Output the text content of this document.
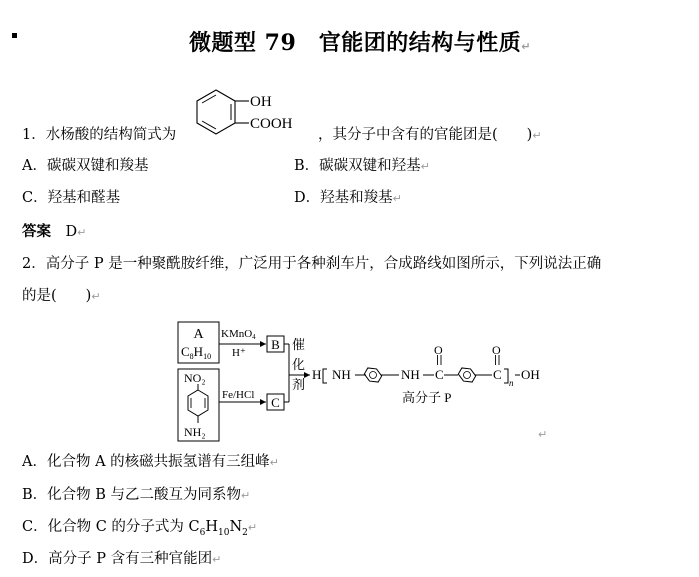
微题型 79　官能团的结构与性质↵
1．水杨酸的结构简式为
OH
COOH
，其分子中含有的官能团是(　　)↵
A．碳碳双键和羧基	B．碳碳双键和羟基↵
C．羟基和醛基	D．羟基和羧基↵
答案　 D↵
2．高分子 P 是一种聚酰胺纤维，广泛用于各种刹车片，合成路线如图所示，下列说法正确
的是(　　)↵
A
$C_8H_{10}$
KMnO4
H⁺
B
NO₂
NH₂
Fe/HCl C
催
化
剂
H NH	NH C
O
C
O
n
OH
高分子 P
↵
A．化合物 A 的核磁共振氢谱有三组峰↵
B．化合物 B 与乙二酸互为同系物↵
C．化合物 C 的分子式为 $C_6H_{10}N_2↵$
D．高分子 P 含有三种官能团↵
